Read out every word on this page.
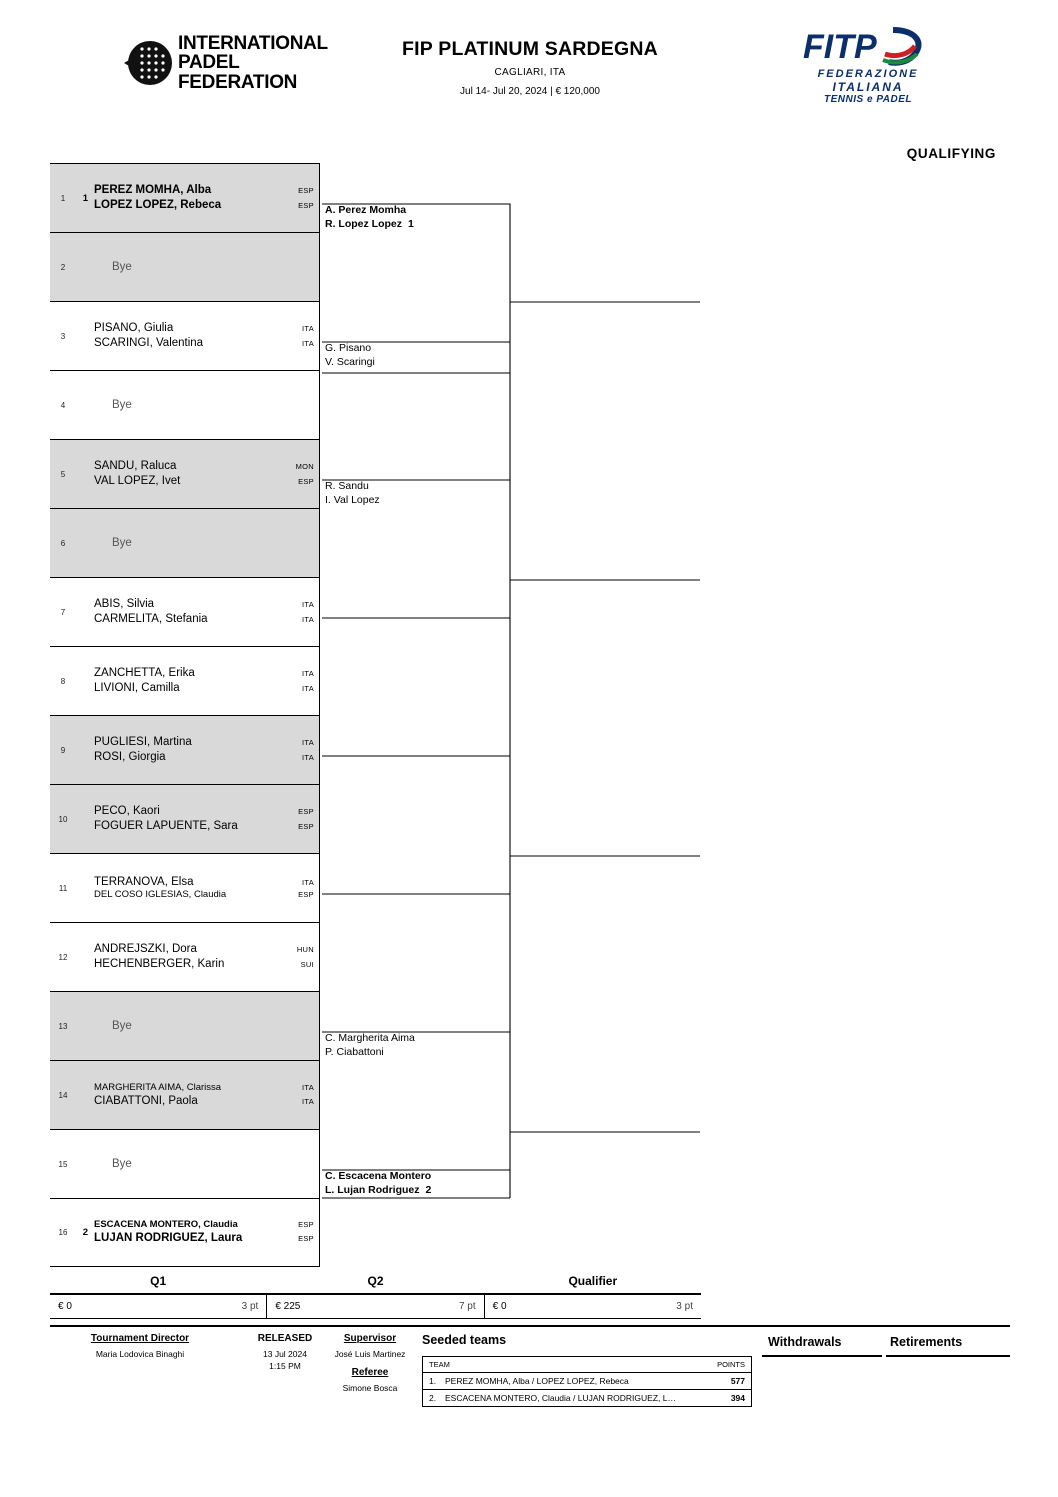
INTERNATIONAL
PADEL
FEDERATION
FIP PLATINUM SARDEGNA
CAGLIARI, ITA
Jul 14- Jul 20, 2024 | € 120,000
FITP
FEDERAZIONE
ITALIANA
TENNIS e PADEL
QUALIFYING
1	1
PEREZ MOMHA, Alba	ESP
LOPEZ LOPEZ, Rebeca	ESP
2	Bye
3
PISANO, Giulia	ITA
SCARINGI, Valentina	ITA
4	Bye
5
SANDU, Raluca	MON
VAL LOPEZ, Ivet	ESP
6	Bye
7
ABIS, Silvia	ITA
CARMELITA, Stefania	ITA
8
ZANCHETTA, Erika	ITA
LIVIONI, Camilla	ITA
9
PUGLIESI, Martina	ITA
ROSI, Giorgia	ITA
10
PECO, Kaori	ESP
FOGUER LAPUENTE, Sara	ESP
11
TERRANOVA, Elsa	ITA
DEL COSO IGLESIAS, Claudia	ESP
12
ANDREJSZKI, Dora	HUN
HECHENBERGER, Karin	SUI
13	Bye
14
MARGHERITA AIMA, Clarissa	ITA
CIABATTONI, Paola	ITA
15	Bye
16	2
ESCACENA MONTERO, Claudia	ESP
LUJAN RODRIGUEZ, Laura	ESP
A. Perez Momha
R. Lopez Lopez 1
G. Pisano
V. Scaringi
R. Sandu
I. Val Lopez
C. Margherita Aima
P. Ciabattoni
C. Escacena Montero
L. Lujan Rodriguez 2
Q1	Q2	Qualifier
€ 0	3 pt € 225	7 pt € 0	3 pt
Tournament Director
Maria Lodovica Binaghi
RELEASED
13 Jul 2024
1:15 PM
Supervisor
José Luis Martinez
Referee
Simone Bosca
Seeded teams
TEAM	POINTS
1.	PEREZ MOMHA, Alba / LOPEZ LOPEZ, Rebeca	577
2.	ESCACENA MONTERO, Claudia / LUJAN RODRIGUEZ, L…	394
Withdrawals	Retirements
